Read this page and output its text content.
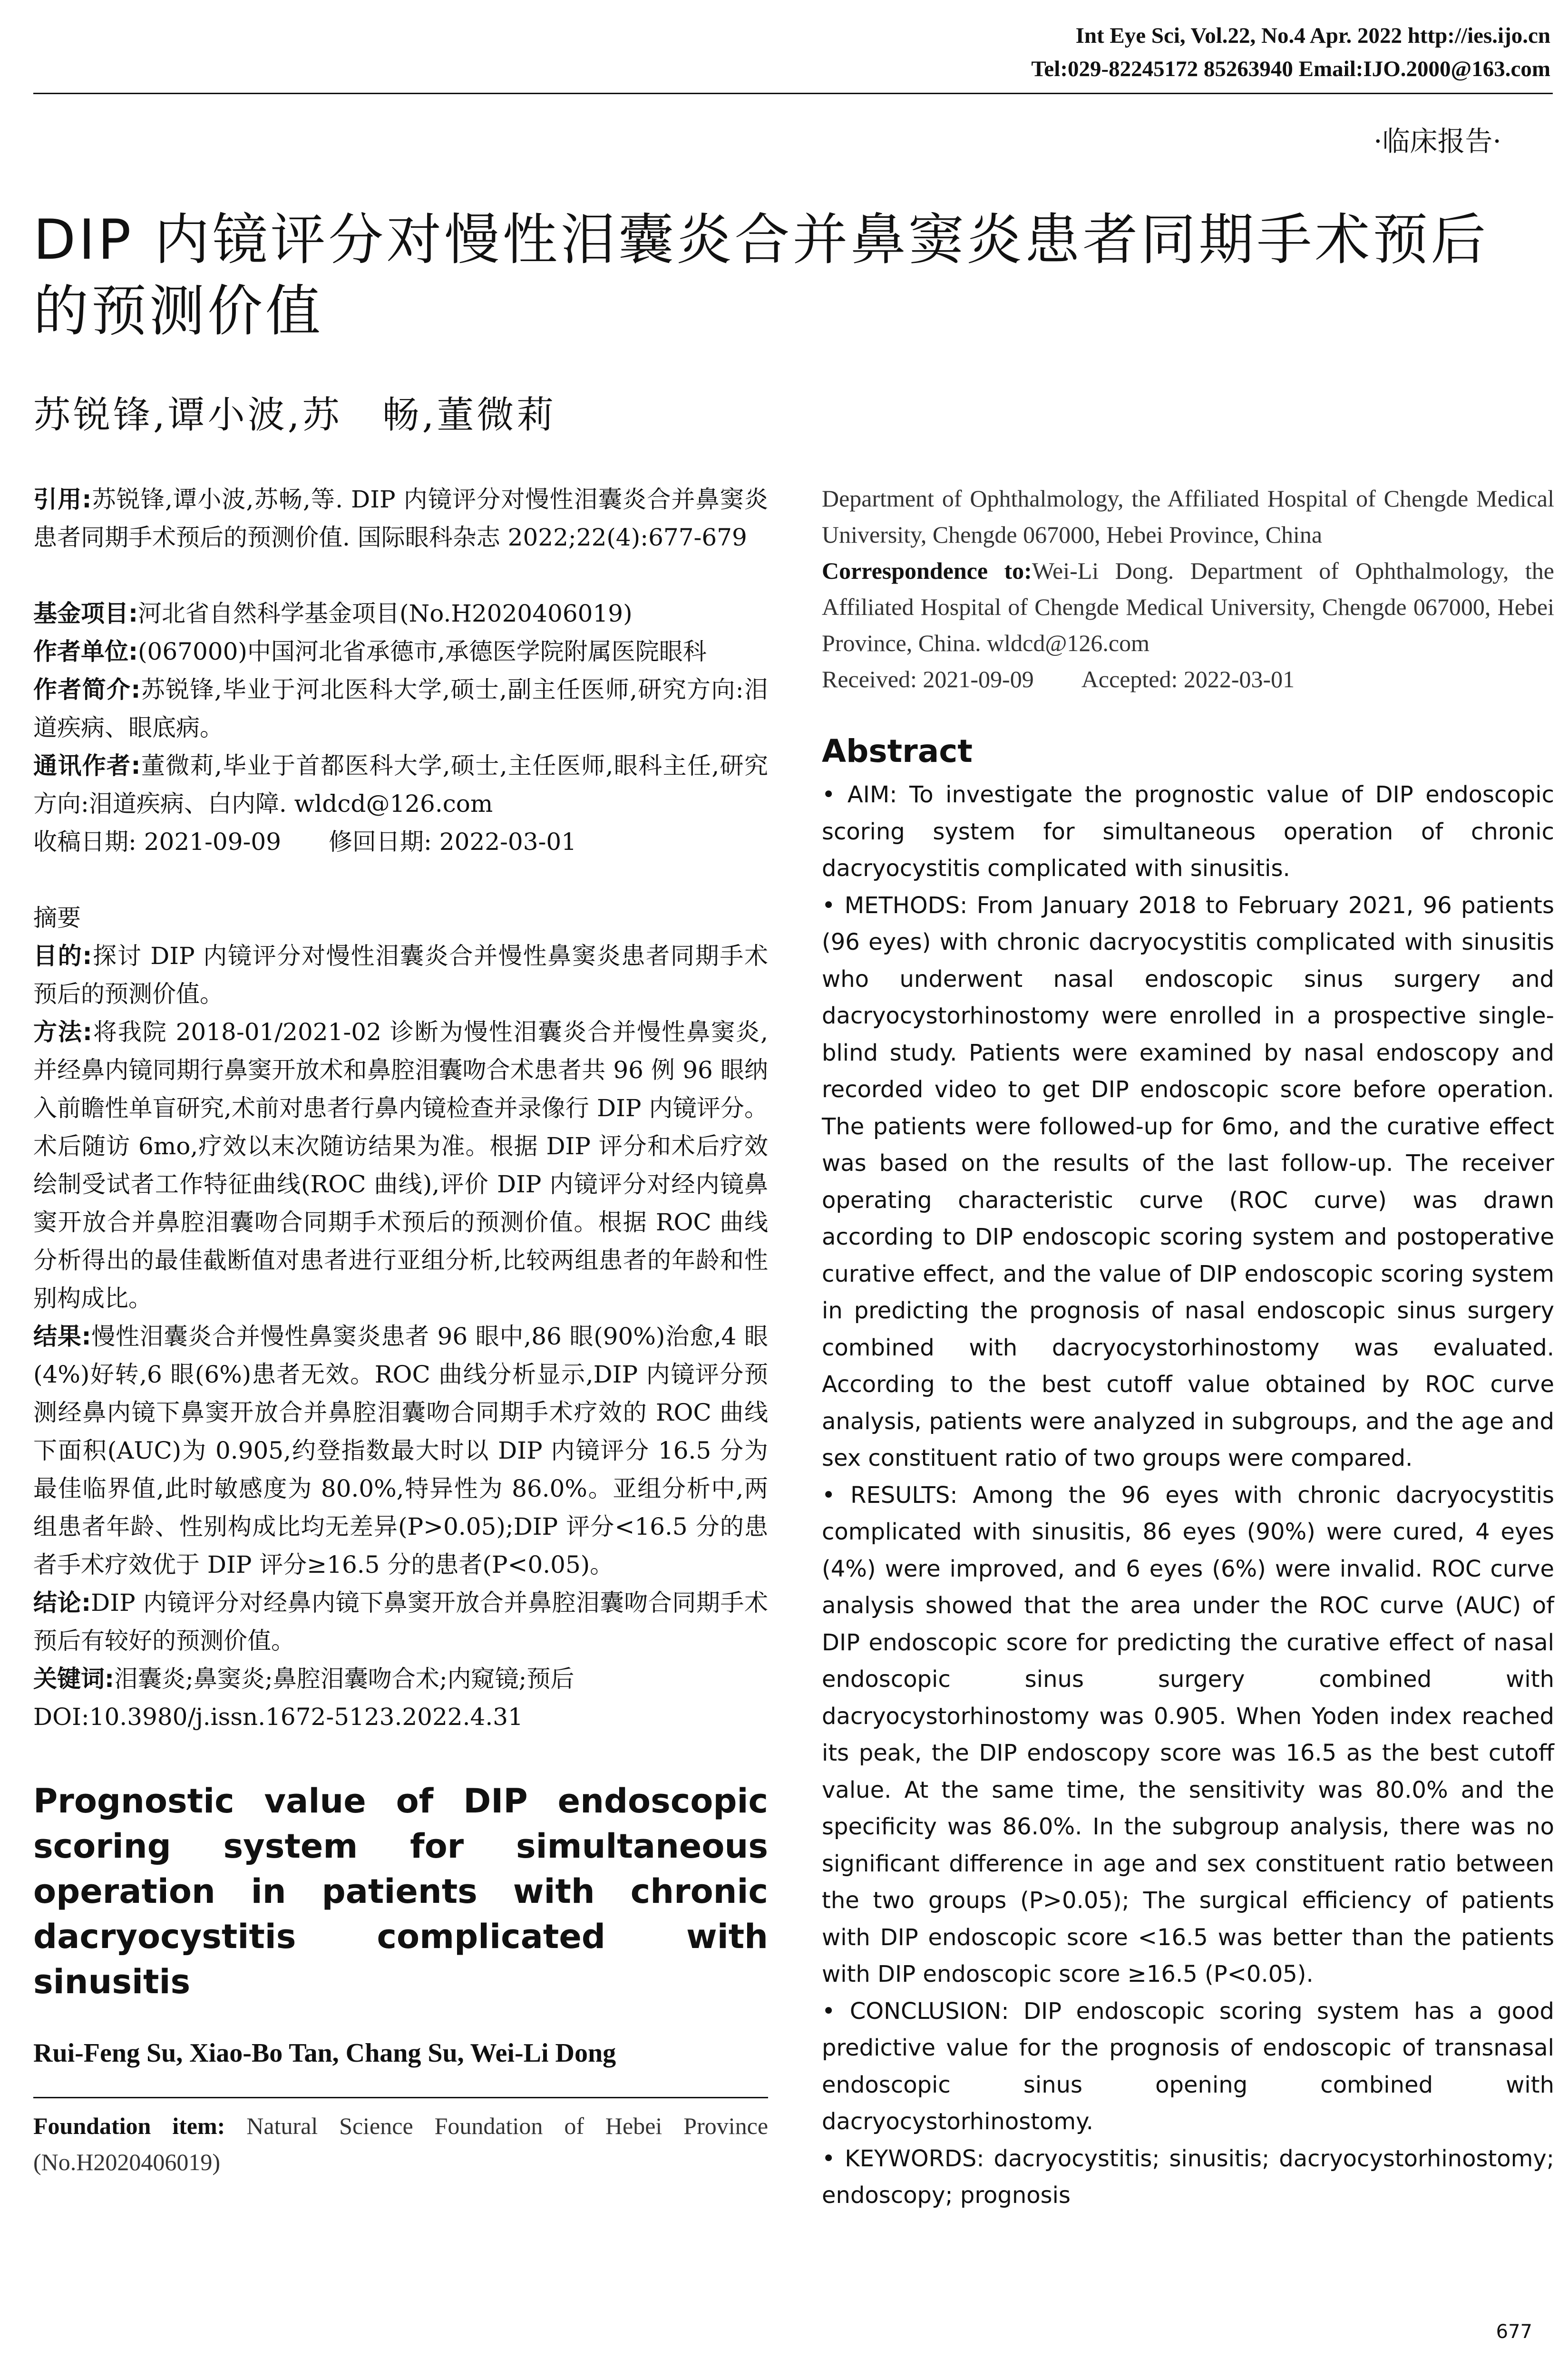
Int Eye Sci, Vol.22, No.4 Apr. 2022 http://ies.ijo.cn
Tel:029-82245172 85263940 Email:IJO.2000@163.com
·临床报告·
DIP 内镜评分对慢性泪囊炎合并鼻窦炎患者同期手术预后的预测价值
苏锐锋,谭小波,苏　畅,董微莉

引用:苏锐锋,谭小波,苏畅,等. DIP 内镜评分对慢性泪囊炎合并鼻窦炎患者同期手术预后的预测价值. 国际眼科杂志 2022;22(4):677-679

基金项目:河北省自然科学基金项目(No.H2020406019)

作者单位:(067000)中国河北省承德市,承德医学院附属医院眼科

作者简介:苏锐锋,毕业于河北医科大学,硕士,副主任医师,研究方向:泪道疾病、眼底病。

通讯作者:董微莉,毕业于首都医科大学,硕士,主任医师,眼科主任,研究方向:泪道疾病、白内障. wldcd@126.com

收稿日期: 2021-09-09　　修回日期: 2022-03-01

摘要

目的:探讨 DIP 内镜评分对慢性泪囊炎合并慢性鼻窦炎患者同期手术预后的预测价值。

方法:将我院 2018-01/2021-02 诊断为慢性泪囊炎合并慢性鼻窦炎,并经鼻内镜同期行鼻窦开放术和鼻腔泪囊吻合术患者共 96 例 96 眼纳入前瞻性单盲研究,术前对患者行鼻内镜检查并录像行 DIP 内镜评分。术后随访 6mo,疗效以末次随访结果为准。根据 DIP 评分和术后疗效绘制受试者工作特征曲线(ROC 曲线),评价 DIP 内镜评分对经内镜鼻窦开放合并鼻腔泪囊吻合同期手术预后的预测价值。根据 ROC 曲线分析得出的最佳截断值对患者进行亚组分析,比较两组患者的年龄和性别构成比。

结果:慢性泪囊炎合并慢性鼻窦炎患者 96 眼中,86 眼(90%)治愈,4 眼(4%)好转,6 眼(6%)患者无效。ROC 曲线分析显示,DIP 内镜评分预测经鼻内镜下鼻窦开放合并鼻腔泪囊吻合同期手术疗效的 ROC 曲线下面积(AUC)为 0.905,约登指数最大时以 DIP 内镜评分 16.5 分为最佳临界值,此时敏感度为 80.0%,特异性为 86.0%。亚组分析中,两组患者年龄、性别构成比均无差异(P>0.05);DIP 评分<16.5 分的患者手术疗效优于 DIP 评分≥16.5 分的患者(P<0.05)。

结论:DIP 内镜评分对经鼻内镜下鼻窦开放合并鼻腔泪囊吻合同期手术预后有较好的预测价值。

关键词:泪囊炎;鼻窦炎;鼻腔泪囊吻合术;内窥镜;预后

DOI:10.3980/j.issn.1672-5123.2022.4.31

Prognostic value of DIP endoscopic scoring system for simultaneous operation in patients with chronic dacryocystitis complicated with sinusitis
Rui-Feng Su, Xiao-Bo Tan, Chang Su, Wei-Li Dong

Foundation item: Natural Science Foundation of Hebei Province (No.H2020406019)

Department of Ophthalmology, the Affiliated Hospital of Chengde Medical University, Chengde 067000, Hebei Province, China

Correspondence to:Wei-Li Dong. Department of Ophthalmology, the Affiliated Hospital of Chengde Medical University, Chengde 067000, Hebei Province, China. wldcd@126.com

Received: 2021-09-09　　Accepted: 2022-03-01

Abstract

• AIM: To investigate the prognostic value of DIP endoscopic scoring system for simultaneous operation of chronic dacryocystitis complicated with sinusitis.

• METHODS: From January 2018 to February 2021, 96 patients (96 eyes) with chronic dacryocystitis complicated with sinusitis who underwent nasal endoscopic sinus surgery and dacryocystorhinostomy were enrolled in a prospective single-blind study. Patients were examined by nasal endoscopy and recorded video to get DIP endoscopic score before operation. The patients were followed-up for 6mo, and the curative effect was based on the results of the last follow-up. The receiver operating characteristic curve (ROC curve) was drawn according to DIP endoscopic scoring system and postoperative curative effect, and the value of DIP endoscopic scoring system in predicting the prognosis of nasal endoscopic sinus surgery combined with dacryocystorhinostomy was evaluated. According to the best cutoff value obtained by ROC curve analysis, patients were analyzed in subgroups, and the age and sex constituent ratio of two groups were compared.

• RESULTS: Among the 96 eyes with chronic dacryocystitis complicated with sinusitis, 86 eyes (90%) were cured, 4 eyes (4%) were improved, and 6 eyes (6%) were invalid. ROC curve analysis showed that the area under the ROC curve (AUC) of DIP endoscopic score for predicting the curative effect of nasal endoscopic sinus surgery combined with dacryocystorhinostomy was 0.905. When Yoden index reached its peak, the DIP endoscopy score was 16.5 as the best cutoff value. At the same time, the sensitivity was 80.0% and the specificity was 86.0%. In the subgroup analysis, there was no significant difference in age and sex constituent ratio between the two groups (P>0.05); The surgical efficiency of patients with DIP endoscopic score <16.5 was better than the patients with DIP endoscopic score ≥16.5 (P<0.05).

• CONCLUSION: DIP endoscopic scoring system has a good predictive value for the prognosis of endoscopic of transnasal endoscopic sinus opening combined with dacryocystorhinostomy.

• KEYWORDS: dacryocystitis; sinusitis; dacryocystorhinostomy; endoscopy; prognosis

677
